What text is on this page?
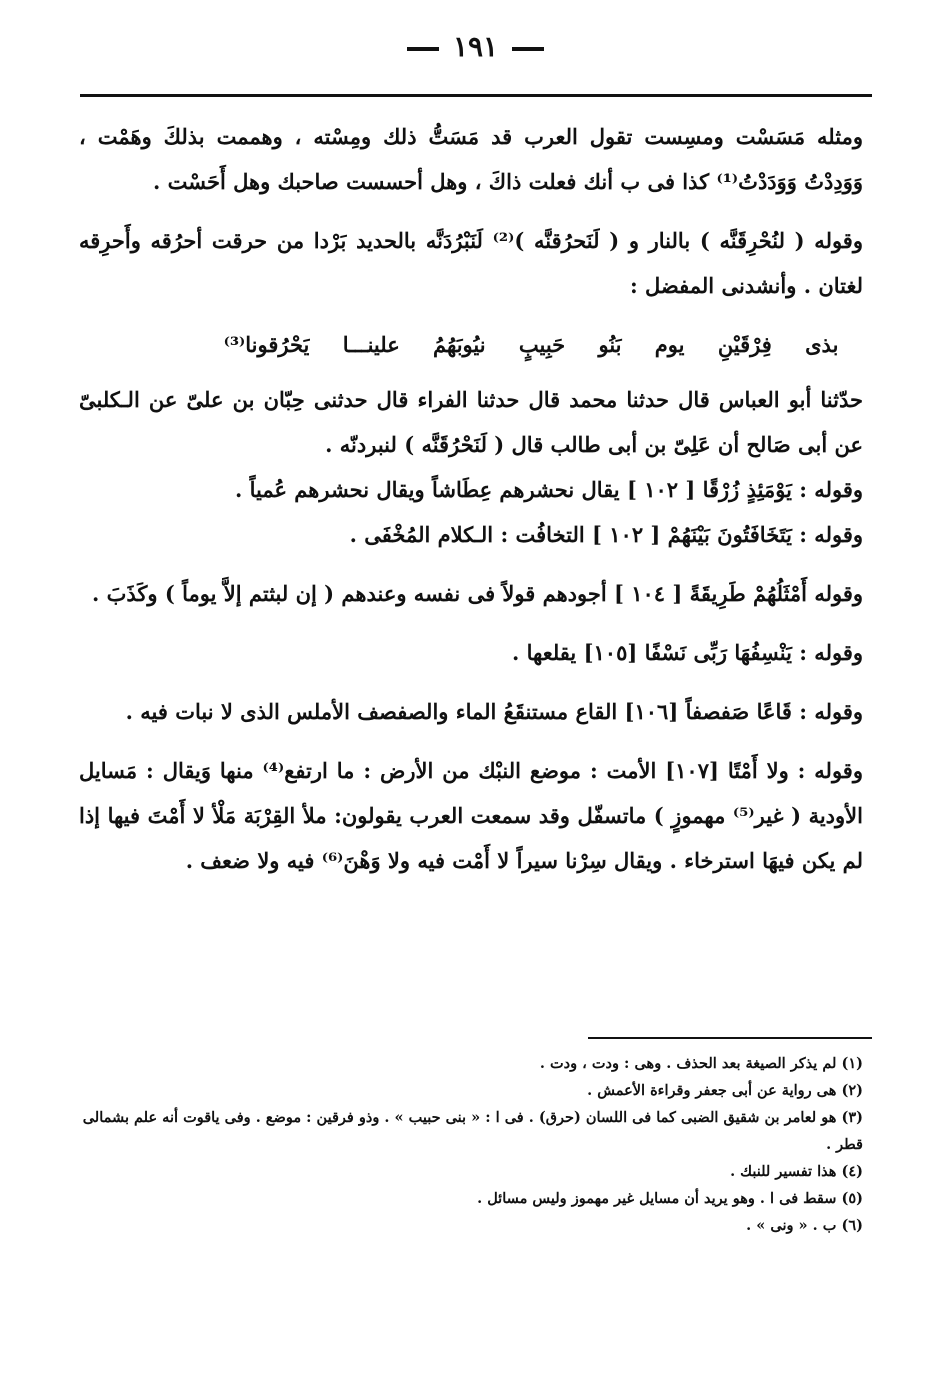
١٩١

ومثله مَسَسْت ومسِست تقول العرب قد مَسَتُّ ذلك ومِسْته ، وهممت بذلكَ وهَمْت ، وَوَدِدْتُ وَوَدَدْتُ⁽¹⁾ كذا فى ب أنك فعلت ذاكَ ، وهل أحسست صاحبك وهل أَحَسْت .

وقوله ( لنُحْرِقَنَّه ) بالنار و ( لَنَحرُقنَّه )⁽²⁾ لَنَبْرُدَنَّه بالحديد بَرْدا من حرقت أحرُقه وأَحرِقه لغتان . وأنشدنى المفضل :

بذى فِرْقَيْنِ يوم بَنُو حَبِيبٍ نيُوبَهُمُ علينـــا يَحْرُقونا⁽³⁾

حدّثنا أبو العباس قال حدثنا محمد قال حدثنا الفراء قال حدثنى حِبّان بن علىّ عن الـكلبىّ عن أبى صَالح أن عَلِىّ بن أبى طالب قال ( لَنَحْرُقَنَّه ) لنبردنّه .

وقوله : يَوْمَئِذٍ زُرْقًا [ ١٠٢ ] يقال نحشرهم عِطَاشاً ويقال نحشرهم عُمياً .

وقوله : يَتَخَافَتُونَ بَيْنَهُمْ [ ١٠٢ ] التخافُت : الـكلام المُخْفَى .

وقوله أَمْثَلُهُمْ طَرِيقَةً [ ١٠٤ ] أجودهم قولاً فى نفسه وعندهم ( إن لبثتم إلاَّ يوماً ) وكَذَبَ .

وقوله : يَنْسِفُهَا رَبِّى نَسْفًا [١٠٥] يقلعها .

وقوله : قَاعًا صَفصفاً [١٠٦] القاع مستنقَعُ الماء والصفصف الأملس الذى لا نبات فيه .

وقوله : ولا أَمْتًا [١٠٧] الأمت : موضع النبْك من الأرض : ما ارتفع⁽⁴⁾ منها وَيقال : مَسايل الأودية ( غير⁽⁵⁾ مهموزٍ ) ماتسفّل وقد سمعت العرب يقولون: ملأ القِرْبَة مَلْأ لا أَمْتَ فيها إذا لم يكن فيهَا استرخاء . ويقال سِرْنا سيراً لا أَمْت فيه ولا وَهْنَ⁽⁶⁾ فيه ولا ضعف .

(١) لم يذكر الصيغة بعد الحذف . وهى : ودت ، ودت .

(٢) هى رواية عن أبى جعفر وقراءة الأعمش .

(٣) هو لعامر بن شقيق الضبى كما فى اللسان (حرق) . فى ا : « بنى حبيب » . وذو فرقين : موضع . وفى ياقوت أنه علم بشمالى قطر .

(٤) هذا تفسير للنبك .

(٥) سقط فى ا . وهو يريد أن مسايل غير مهموز وليس مسائل .

(٦) ب . « ونى » .
